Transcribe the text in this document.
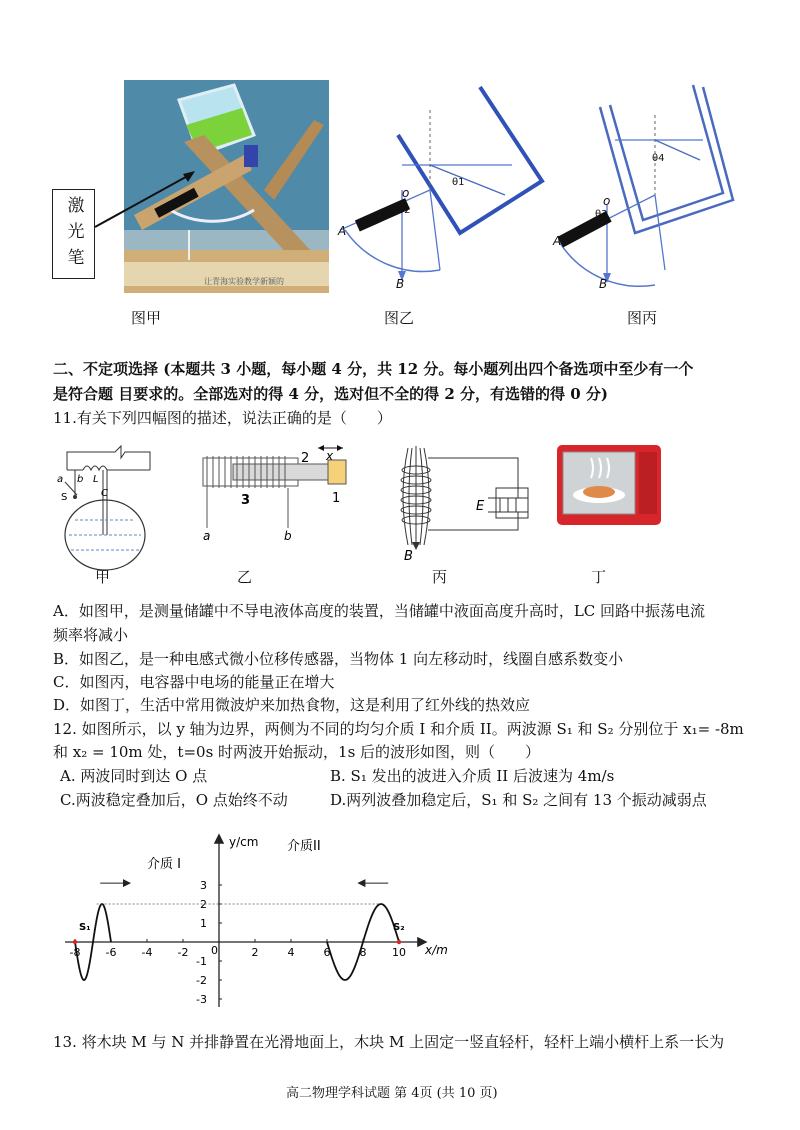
让青海实验教学新颖的
激光笔
图甲
A
B
o
θ1
θ2
图乙
A
B
o
θ4
θ3
图丙
二、不定项选择 (本题共 3 小题，每小题 4 分，共 12 分。每小题列出四个备选项中至少有一个
是符合题 目要求的。全部选对的得 4 分，选对但不全的得 2 分，有选错的得 0 分)
11.有关下列四幅图的描述，说法正确的是（　　）
a b
S
L
C
甲
3
2
1
x
a	b
乙
E
B
丙	丁
A．如图甲，是测量储罐中不导电液体高度的装置，当储罐中液面高度升高时，LC 回路中振荡电流
频率将减小
B．如图乙，是一种电感式微小位移传感器，当物体 1 向左移动时，线圈自感系数变小
C．如图丙，电容器中电场的能量正在增大
D．如图丁，生活中常用微波炉来加热食物，这是利用了红外线的热效应
12. 如图所示，以 y 轴为边界，两侧为不同的均匀介质 I 和介质 II。两波源 S₁ 和 S₂ 分别位于 x₁= -8m
和 x₂ = 10m 处，t=0s 时两波开始振动，1s 后的波形如图，则（　　）
A. 两波同时到达 O 点	B. S₁ 发出的波进入介质 II 后波速为 4m/s
C.两波稳定叠加后，O 点始终不动	D.两列波叠加稳定后，S₁ 和 S₂ 之间有 13 个振动减弱点
-8 -6 -4 -2	2	4	6	8 10
3
2
1
-1
-2
-3
介质II
介质 I
y/cm
x/m
S₁	S₂
0
13. 将木块 M 与 N 并排静置在光滑地面上，木块 M 上固定一竖直轻杆，轻杆上端小横杆上系一长为
高二物理学科试题 第 4页 (共 10 页)
